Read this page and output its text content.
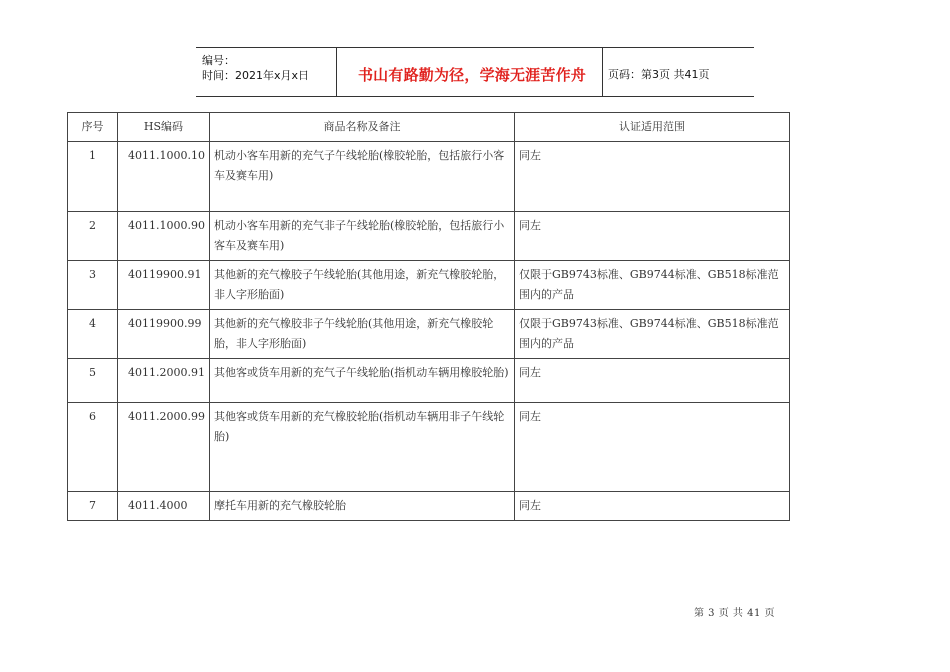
编号：
时间：2021年x月x日	书山有路勤为径，学海无涯苦作舟	页码：第3页 共41页
序号	HS编码	商品名称及备注	认证适用范围
1	4011.1000.10	机动小客车用新的充气子午线轮胎(橡胶轮胎，包括旅行小客车及赛车用)	同左
2	4011.1000.90	机动小客车用新的充气非子午线轮胎(橡胶轮胎，包括旅行小客车及赛车用)	同左
3	40119900.91	其他新的充气橡胶子午线轮胎(其他用途，新充气橡胶轮胎，非人字形胎面)	仅限于GB9743标准、GB9744标准、GB518标准范围内的产品
4	40119900.99	其他新的充气橡胶非子午线轮胎(其他用途，新充气橡胶轮胎，非人字形胎面)	仅限于GB9743标准、GB9744标准、GB518标准范围内的产品
5	4011.2000.91	其他客或货车用新的充气子午线轮胎(指机动车辆用橡胶轮胎)	同左
6	4011.2000.99	其他客或货车用新的充气橡胶轮胎(指机动车辆用非子午线轮胎)	同左
7	4011.4000	摩托车用新的充气橡胶轮胎	同左
第 3 页 共 41 页
